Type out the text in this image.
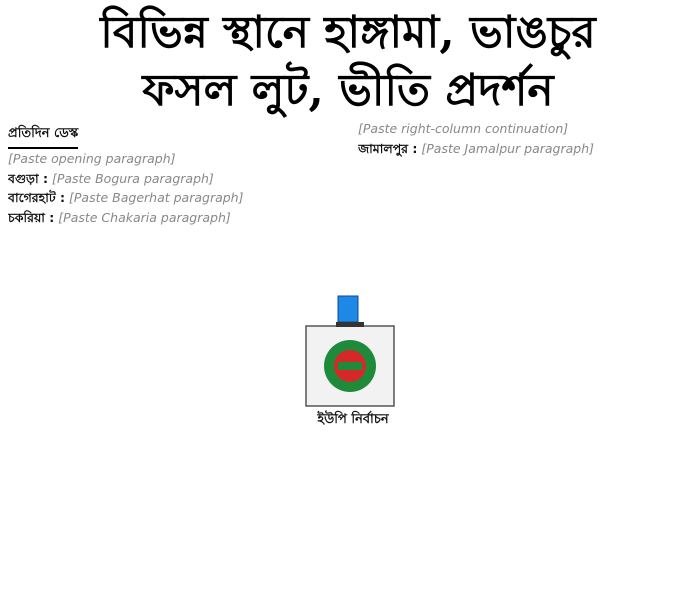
বিভিন্ন স্থানে হাঙ্গামা, ভাঙচুর
ফসল লুট, ভীতি প্রদর্শন
প্রতিদিন ডেস্ক

[Paste opening paragraph]

বগুড়া : [Paste Bogura paragraph]

বাগেরহাট : [Paste Bagerhat paragraph]

চকরিয়া : [Paste Chakaria paragraph]

[Paste right-column continuation]

জামালপুর : [Paste Jamalpur paragraph]

ইউপি নির্বাচন
